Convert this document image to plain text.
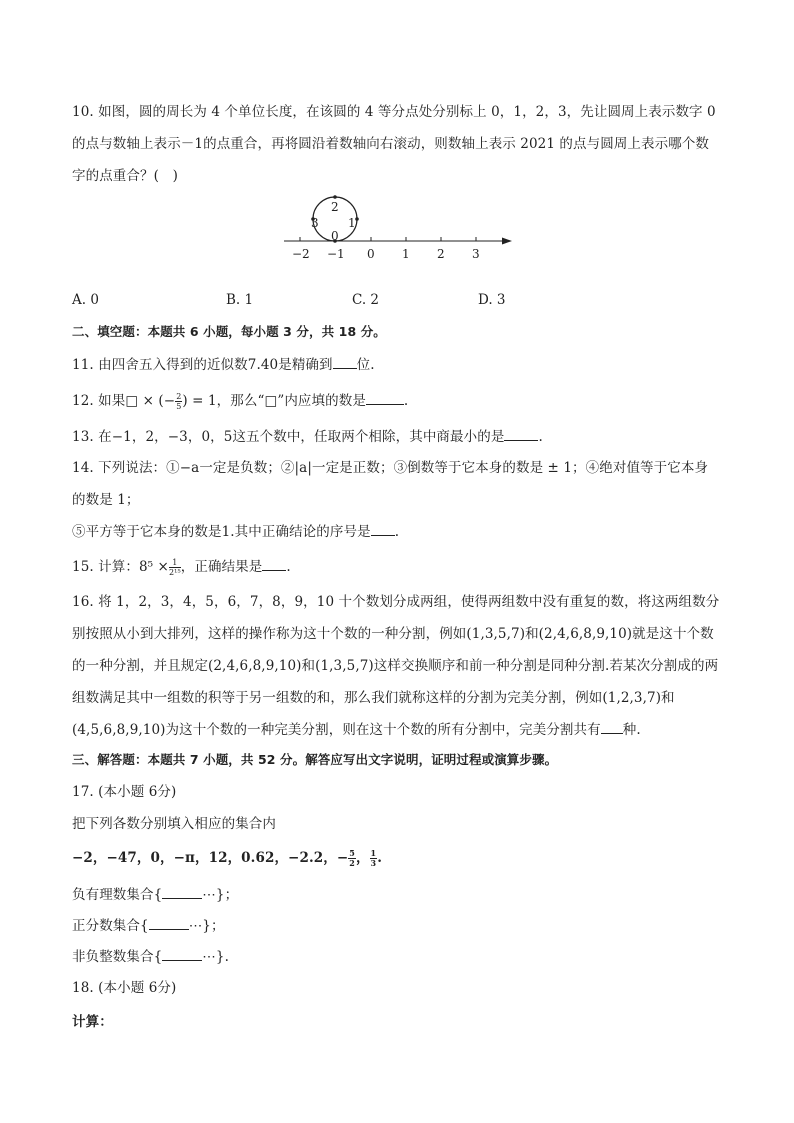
10. 如图，圆的周长为 4 个单位长度，在该圆的 4 等分点处分别标上 0，1，2，3，先让圆周上表示数字 0
的点与数轴上表示－1的点重合，再将圆沿着数轴向右滚动，则数轴上表示 2021 的点与圆周上表示哪个数
字的点重合？(　)
2
3 1
0
−2 −1 0 1 2 3
A. 0	B. 1	C. 2	D. 3
二、填空题：本题共 6 小题，每小题 3 分，共 18 分。
11. 由四舍五入得到的近似数7.40是精确到 位.
12. 如果□ × (− $\frac{2}{5}$ ) = 1，那么“□”内应填的数是	.
13. 在−1，2，−3，0，5这五个数中，任取两个相除，其中商最小的是	.
14. 下列说法：①−a一定是负数；②|a|一定是正数；③倒数等于它本身的数是 ± 1；④绝对值等于它本身
的数是 1；
⑤平方等于它本身的数是1.其中正确结论的序号是 .
15. 计算：$8^5 \times \frac{1}{\text{2¹⁵}}$ ，正确结果是 .
16. 将 1，2，3，4，5，6，7，8，9，10 十个数划分成两组，使得两组数中没有重复的数，将这两组数分
别按照从小到大排列，这样的操作称为这十个数的一种分割，例如(1,3,5,7)和(2,4,6,8,9,10)就是这十个数
的一种分割，并且规定(2,4,6,8,9,10)和(1,3,5,7)这样交换顺序和前一种分割是同种分割.若某次分割成的两
组数满足其中一组数的积等于另一组数的和，那么我们就称这样的分割为完美分割，例如(1,2,3,7)和
(4,5,6,8,9,10)为这十个数的一种完美分割，则在这十个数的所有分割中，完美分割共有 种.
三、解答题：本题共 7 小题，共 52 分。解答应写出文字说明，证明过程或演算步骤。
17. (本小题 6分)
把下列各数分别填入相应的集合内
−2，−47，0，−π，12，0.62，−2.2，− $\frac{5}{2}$ ， $\frac{1}{3}$ .
负有理数集合{	⋯}；
正分数集合{	⋯}；
非负整数集合{	⋯}.
18. (本小题 6分)
计算：
